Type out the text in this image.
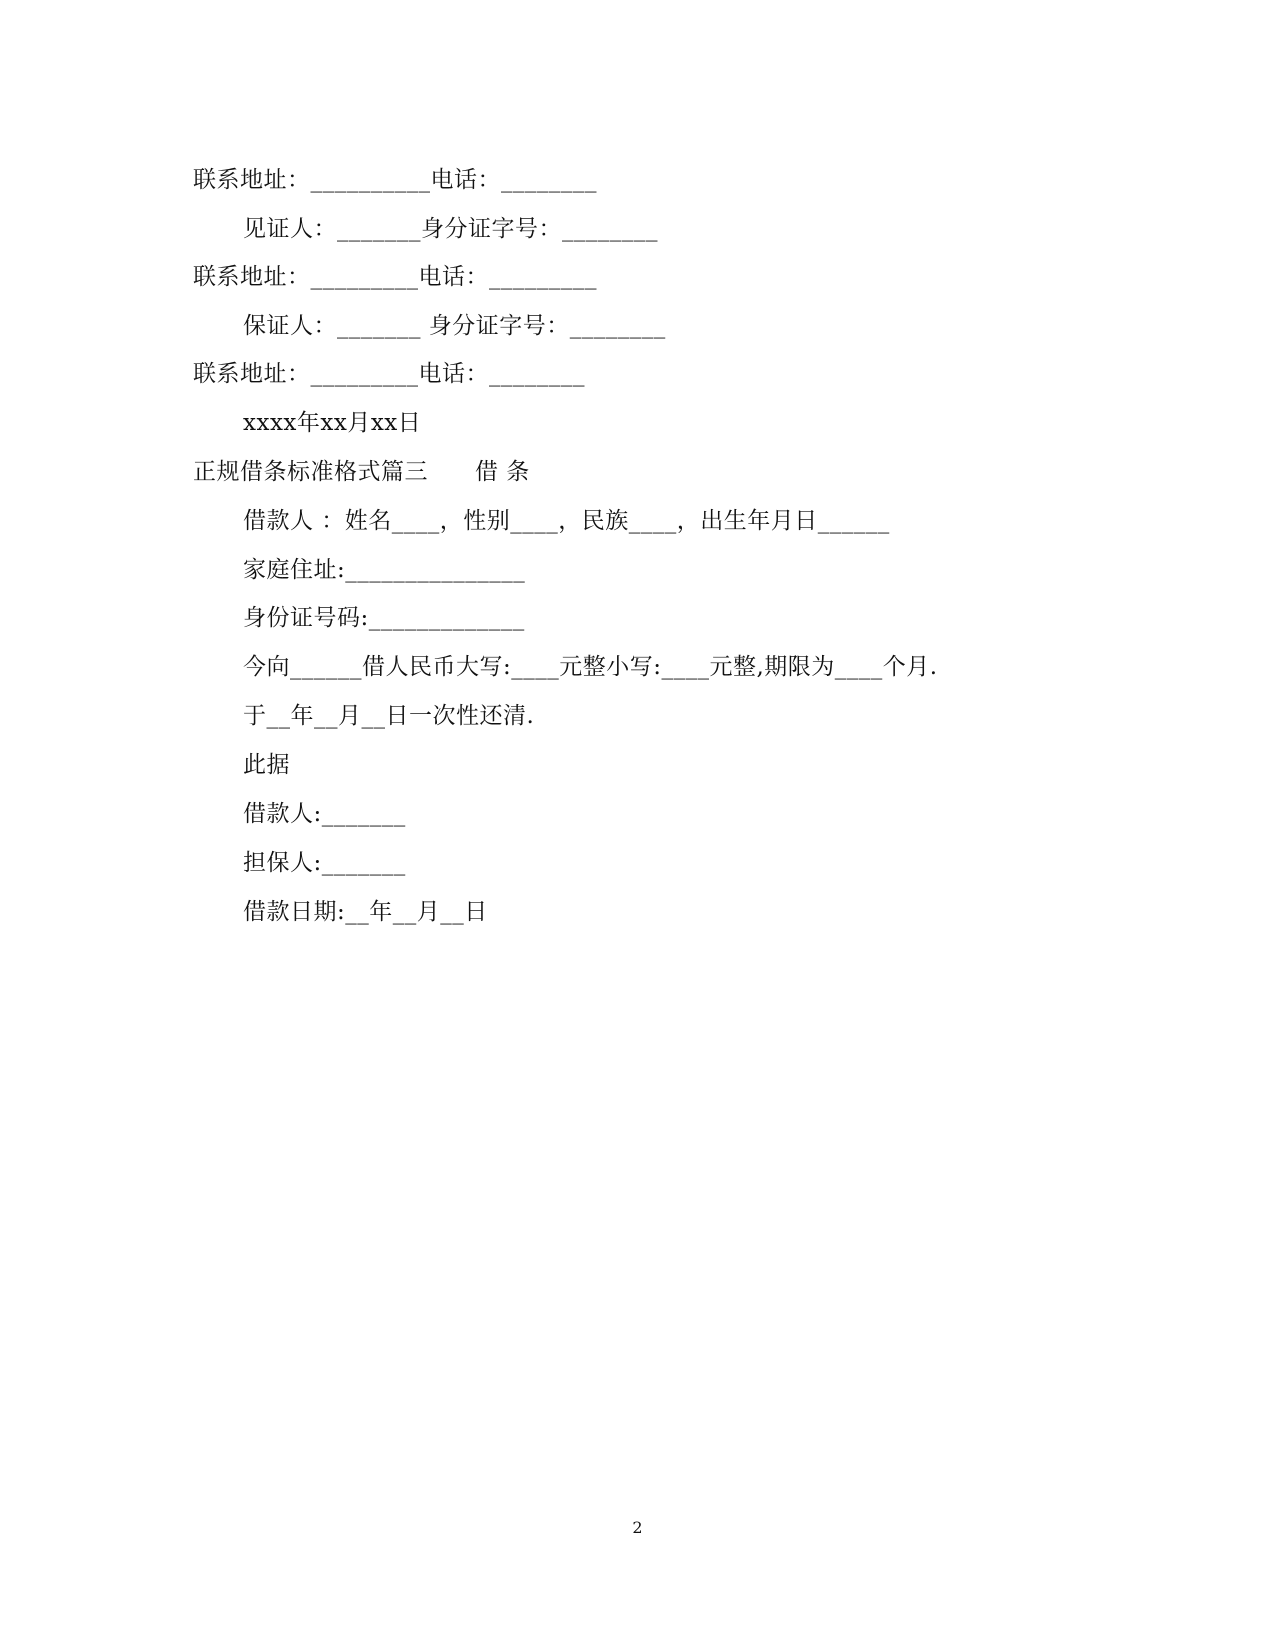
联系地址：__________电话：________
见证人：_______身分证字号：________
联系地址：_________电话：_________
保证人：_______ 身分证字号：________
联系地址：_________电话：________
xxxx年xx月xx日
正规借条标准格式篇三　　借 条
借款人 ：姓名____，性别____，民族____，出生年月日______
家庭住址:_______________
身份证号码:_____________
今向______借人民币大写:____元整小写:____元整,期限为____个月.
于__年__月__日一次性还清.
此据
借款人:_______
担保人:_______
借款日期:__年__月__日
2
